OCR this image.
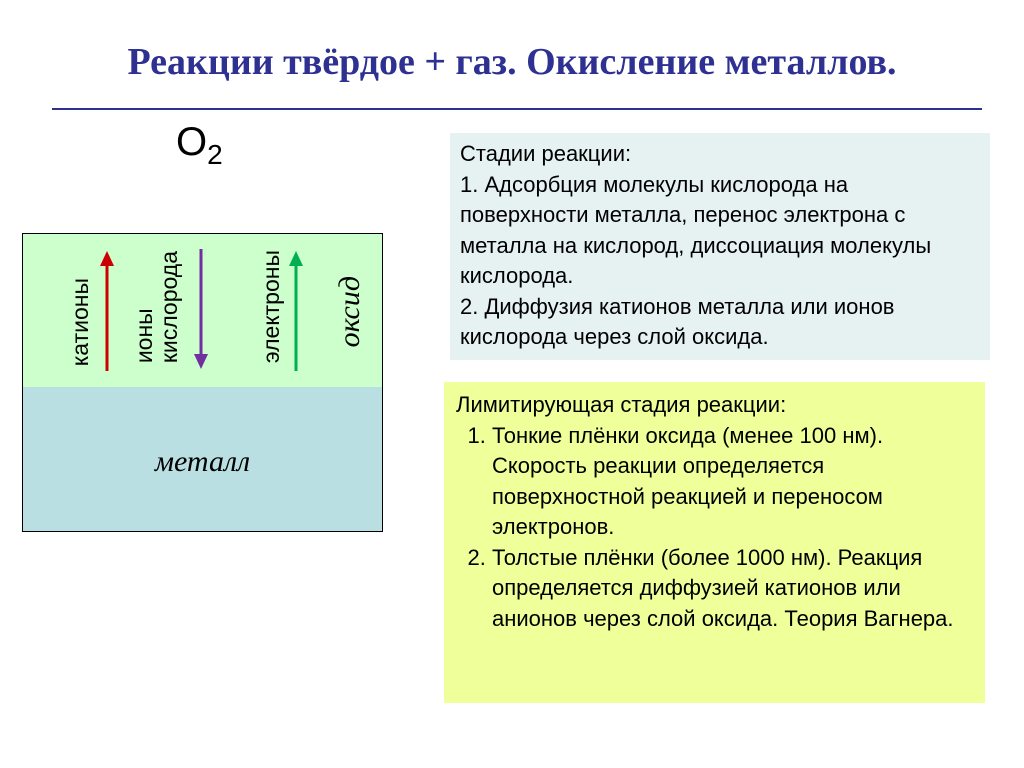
Реакции твёрдое + газ. Окисление металлов.
$O_2$
металл
катионы ионы
кислорода	электроны оксид
Стадии реакции:
1. Адсорбция молекулы кислорода на поверхности металла, перенос электрона с металла на кислород, диссоциация молекулы кислорода.
2. Диффузия катионов металла или ионов кислорода через слой оксида.
Лимитирующая стадия реакции:
1. Тонкие плёнки оксида (менее 100 нм). Скорость реакции определяется поверхностной реакцией и переносом электронов.
2. Толстые плёнки (более 1000 нм). Реакция определяется диффузией катионов или анионов через слой оксида. Теория Вагнера.
